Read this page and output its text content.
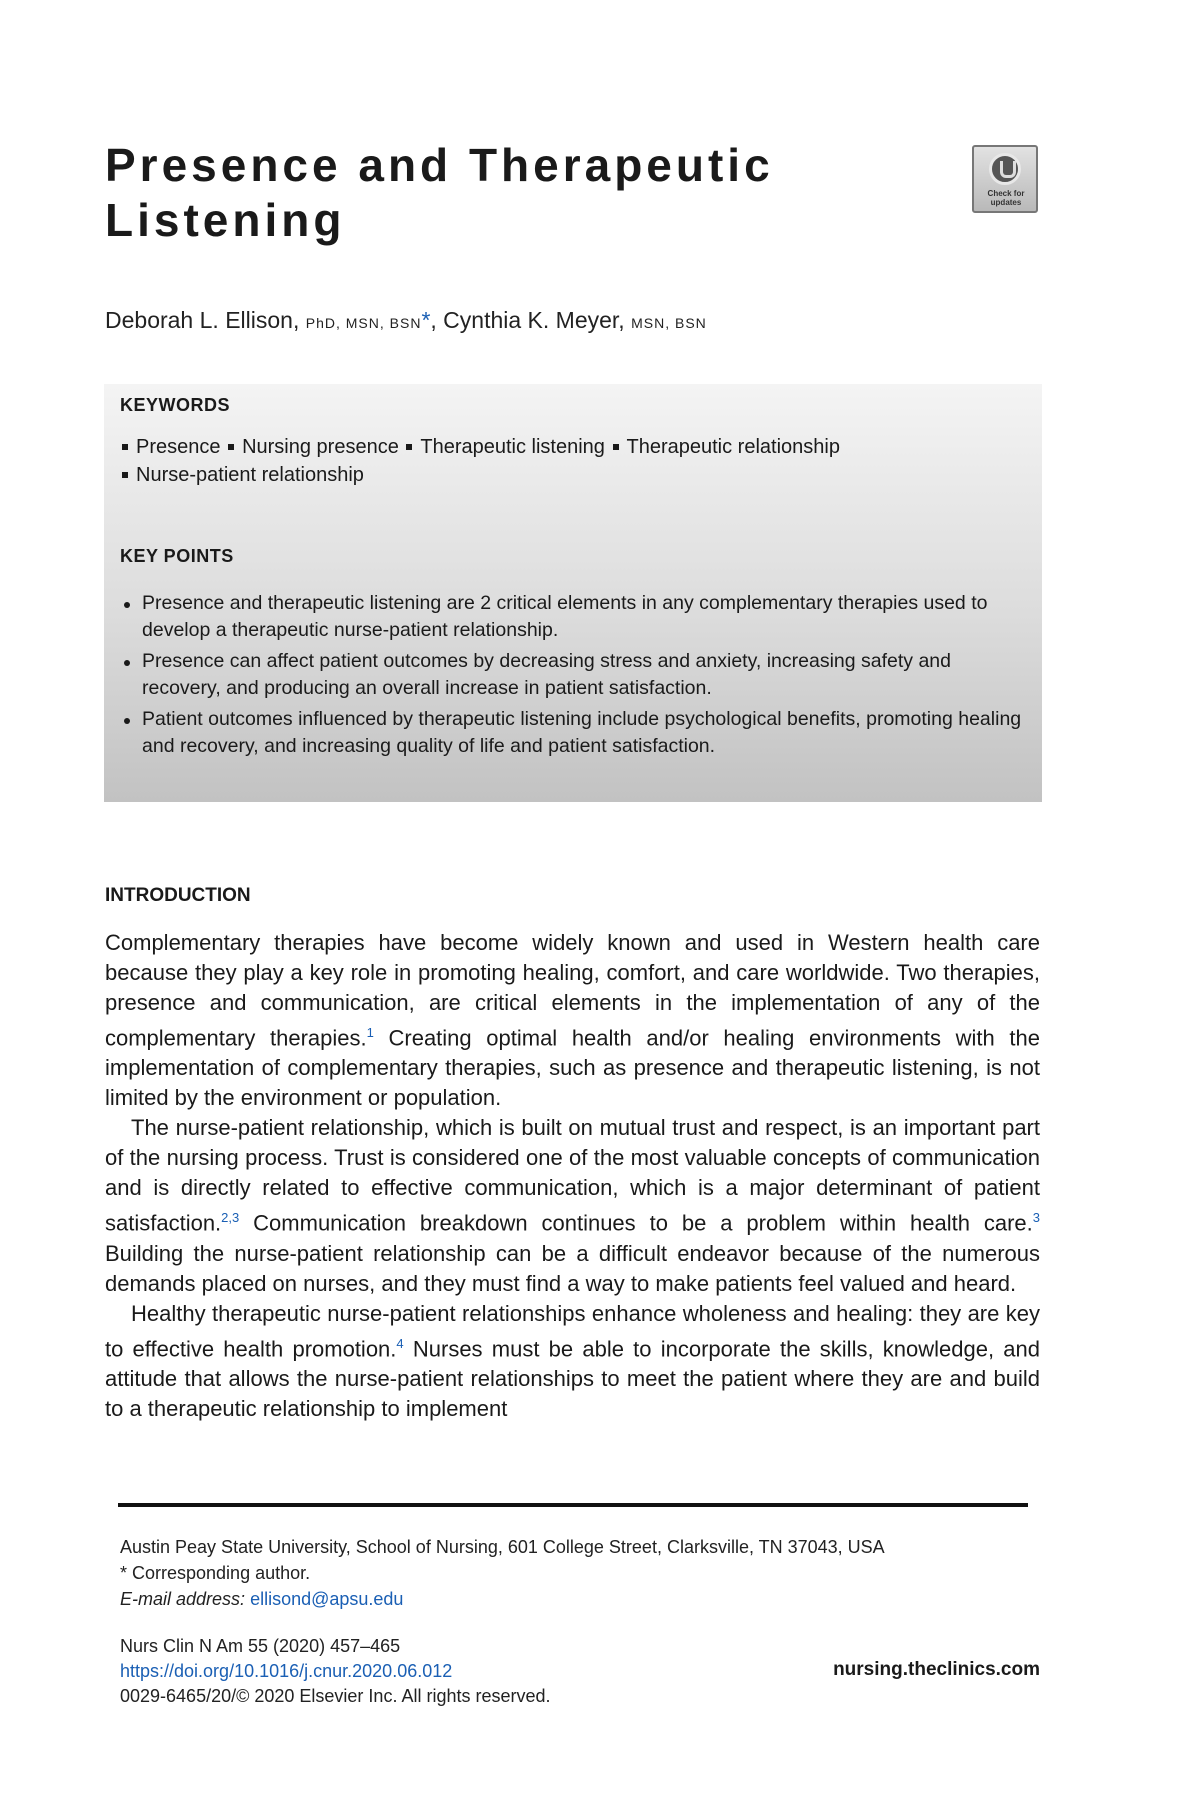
Presence and Therapeutic Listening
Check for updates
Deborah L. Ellison, PhD, MSN, BSN*, Cynthia K. Meyer, MSN, BSN
KEYWORDS
Presence Nursing presence Therapeutic listening Therapeutic relationship
Nurse-patient relationship
KEY POINTS
Presence and therapeutic listening are 2 critical elements in any complementary therapies used to develop a therapeutic nurse-patient relationship.
Presence can affect patient outcomes by decreasing stress and anxiety, increasing safety and recovery, and producing an overall increase in patient satisfaction.
Patient outcomes influenced by therapeutic listening include psychological benefits, promoting healing and recovery, and increasing quality of life and patient satisfaction.
INTRODUCTION

Complementary therapies have become widely known and used in Western health care because they play a key role in promoting healing, comfort, and care worldwide. Two therapies, presence and communication, are critical elements in the implementation of any of the complementary therapies.$^1$ Creating optimal health and/or healing environments with the implementation of complementary therapies, such as presence and therapeutic listening, is not limited by the environment or population.

The nurse-patient relationship, which is built on mutual trust and respect, is an important part of the nursing process. Trust is considered one of the most valuable concepts of communication and is directly related to effective communication, which is a major determinant of patient satisfaction.$^{2,3}$ Communication breakdown continues to be a problem within health care.$^3$ Building the nurse-patient relationship can be a difficult endeavor because of the numerous demands placed on nurses, and they must find a way to make patients feel valued and heard.

Healthy therapeutic nurse-patient relationships enhance wholeness and healing: they are key to effective health promotion.$^4$ Nurses must be able to incorporate the skills, knowledge, and attitude that allows the nurse-patient relationships to meet the patient where they are and build to a therapeutic relationship to implement

Austin Peay State University, School of Nursing, 601 College Street, Clarksville, TN 37043, USA
* Corresponding author.
E-mail address: ellisond@apsu.edu
Nurs Clin N Am 55 (2020) 457–465
https://doi.org/10.1016/j.cnur.2020.06.012
0029-6465/20/© 2020 Elsevier Inc. All rights reserved.
nursing.theclinics.com
